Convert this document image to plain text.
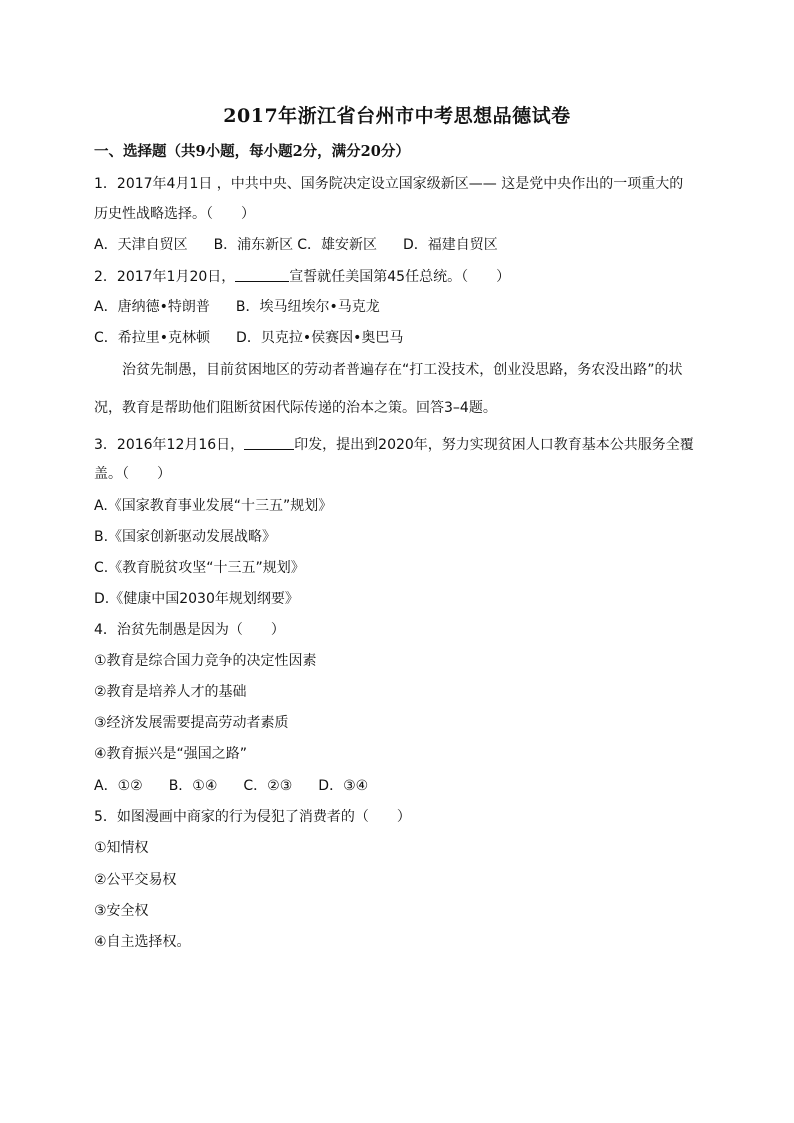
2017年浙江省台州市中考思想品德试卷
一、选择题（共9小题，每小题2分，满分20分）
1．2017年4月1日 ，中共中央、国务院决定设立国家级新区—— 这是党中央作出的一项重大的
历史性战略选择。（　　）
A．天津自贸区 B．浦东新区 C．雄安新区 D．福建自贸区
2．2017年1月20日，	宣誓就任美国第45任总统。（　　）
A．唐纳德•特朗普 B．埃马纽埃尔•马克龙
C．希拉里•克林顿 D．贝克拉•侯赛因•奥巴马
治贫先制愚，目前贫困地区的劳动者普遍存在“打工没技术，创业没思路，务农没出路”的状
况，教育是帮助他们阻断贫困代际传递的治本之策。回答3–4题。
3．2016年12月16日，	印发，提出到2020年，努力实现贫困人口教育基本公共服务全覆
盖。（　　）
A.《国家教育事业发展“十三五”规划》
B.《国家创新驱动发展战略》
C.《教育脱贫攻坚“十三五”规划》
D.《健康中国2030年规划纲要》
4．治贫先制愚是因为（　　）
①教育是综合国力竞争的决定性因素
②教育是培养人才的基础
③经济发展需要提高劳动者素质
④教育振兴是“强国之路”
A．①② B．①④ C．②③ D．③④
5．如图漫画中商家的行为侵犯了消费者的（　　）
①知情权
②公平交易权
③安全权
④自主选择权。
